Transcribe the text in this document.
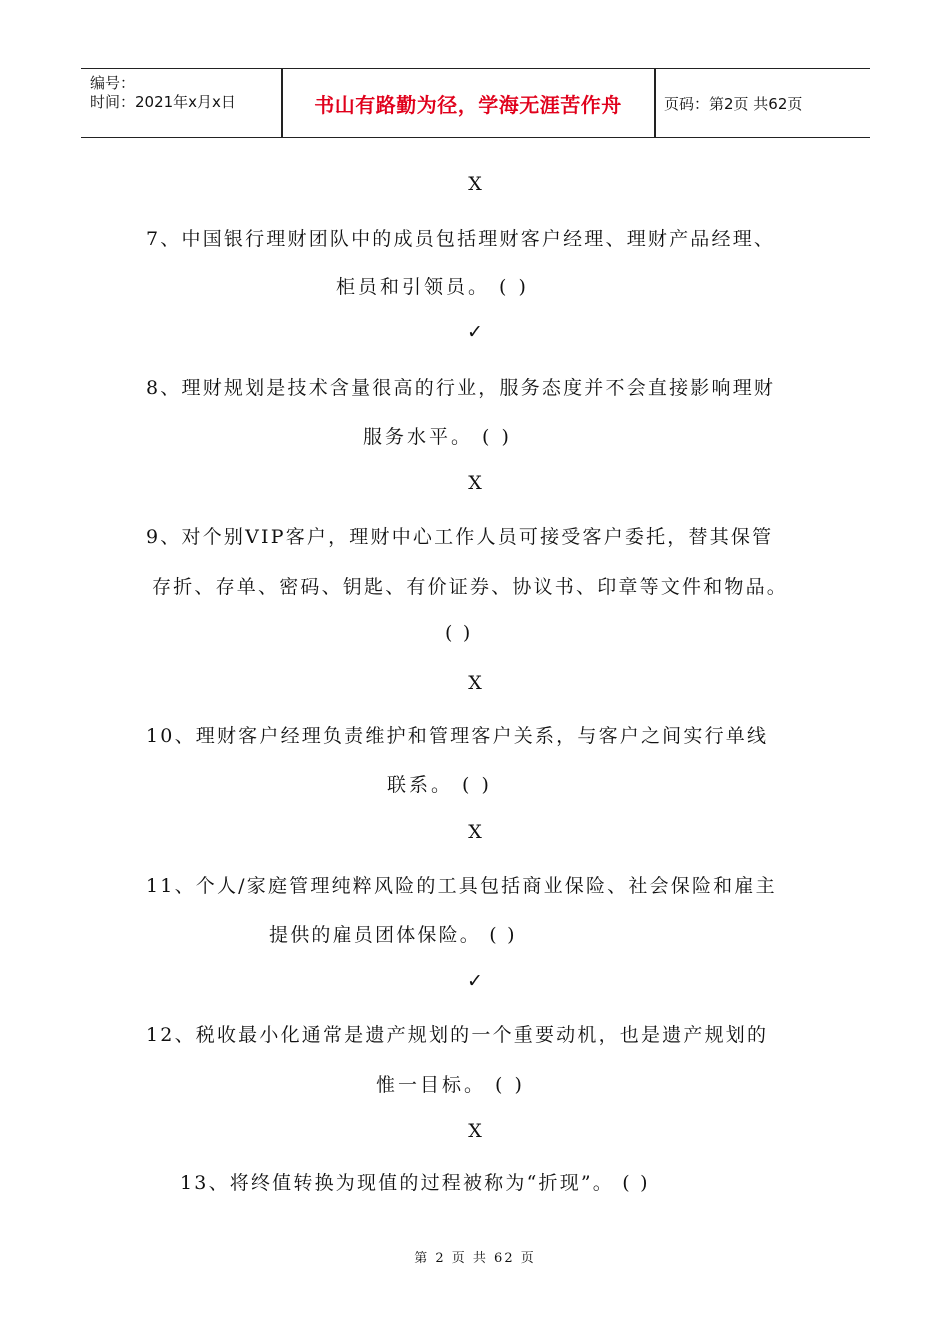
编号：
时间：2021年x月x日	书山有路勤为径，学海无涯苦作舟	页码：第2页 共62页
X
7、中国银行理财团队中的成员包括理财客户经理、理财产品经理、
柜员和引领员。 ( )
✓
8、理财规划是技术含量很高的行业，服务态度并不会直接影响理财
服务水平。 ( )
X
9、对个别VIP客户，理财中心工作人员可接受客户委托，替其保管
存折、存单、密码、钥匙、有价证券、协议书、印章等文件和物品。
( )
X
10、理财客户经理负责维护和管理客户关系，与客户之间实行单线
联系。 ( )
X
11、个人/家庭管理纯粹风险的工具包括商业保险、社会保险和雇主
提供的雇员团体保险。 ( )
✓
12、税收最小化通常是遗产规划的一个重要动机，也是遗产规划的
惟一目标。 ( )
X
13、将终值转换为现值的过程被称为“折现”。 ( )
第 2 页 共 62 页
